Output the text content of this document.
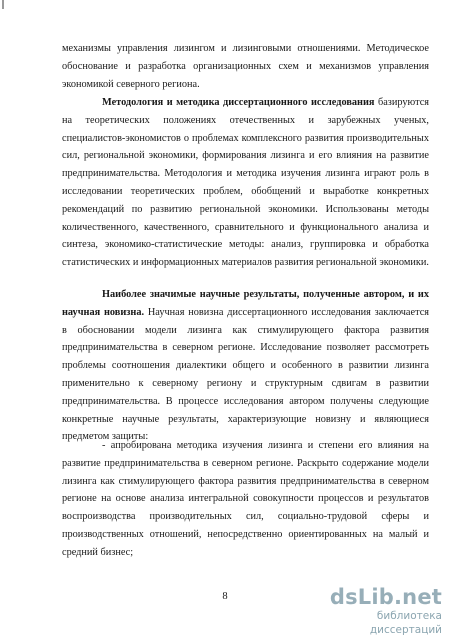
механизмы управления лизингом и лизинговыми отношениями. Методическое обоснование и разработка организационных схем и механизмов управления экономикой северного региона.

Методология и методика диссертационного исследования базируются на теоретических положениях отечественных и зарубежных ученых, специалистов-экономистов о проблемах комплексного развития производительных сил, региональной экономики, формирования лизинга и его влияния на развитие предпринимательства. Методология и методика изучения лизинга играют роль в исследовании теоретических проблем, обобщений и выработке конкретных рекомендаций по развитию региональной экономики. Использованы методы количественного, качественного, сравнительного и функционального анализа и синтеза, экономико-статистические методы: анализ, группировка и обработка статистических и информационных материалов развития региональной экономики.

Наиболее значимые научные результаты, полученные автором, и их научная новизна. Научная новизна диссертационного исследования заключается в обосновании модели лизинга как стимулирующего фактора развития предпринимательства в северном регионе. Исследование позволяет рассмотреть проблемы соотношения диалектики общего и особенного в развитии лизинга применительно к северному региону и структурным сдвигам в развитии предпринимательства. В процессе исследования автором получены следующие конкретные научные результаты, характеризующие новизну и являющиеся предметом защиты:

- апробирована методика изучения лизинга и степени его влияния на развитие предпринимательства в северном регионе. Раскрыто содержание модели лизинга как стимулирующего фактора развития предпринимательства в северном регионе на основе анализа интегральной совокупности процессов и результатов воспроизводства производительных сил, социально-трудовой сферы и производственных отношений, непосредственно ориентированных на малый и средний бизнес;

8	dsLib.net
библиотека диссертаций
